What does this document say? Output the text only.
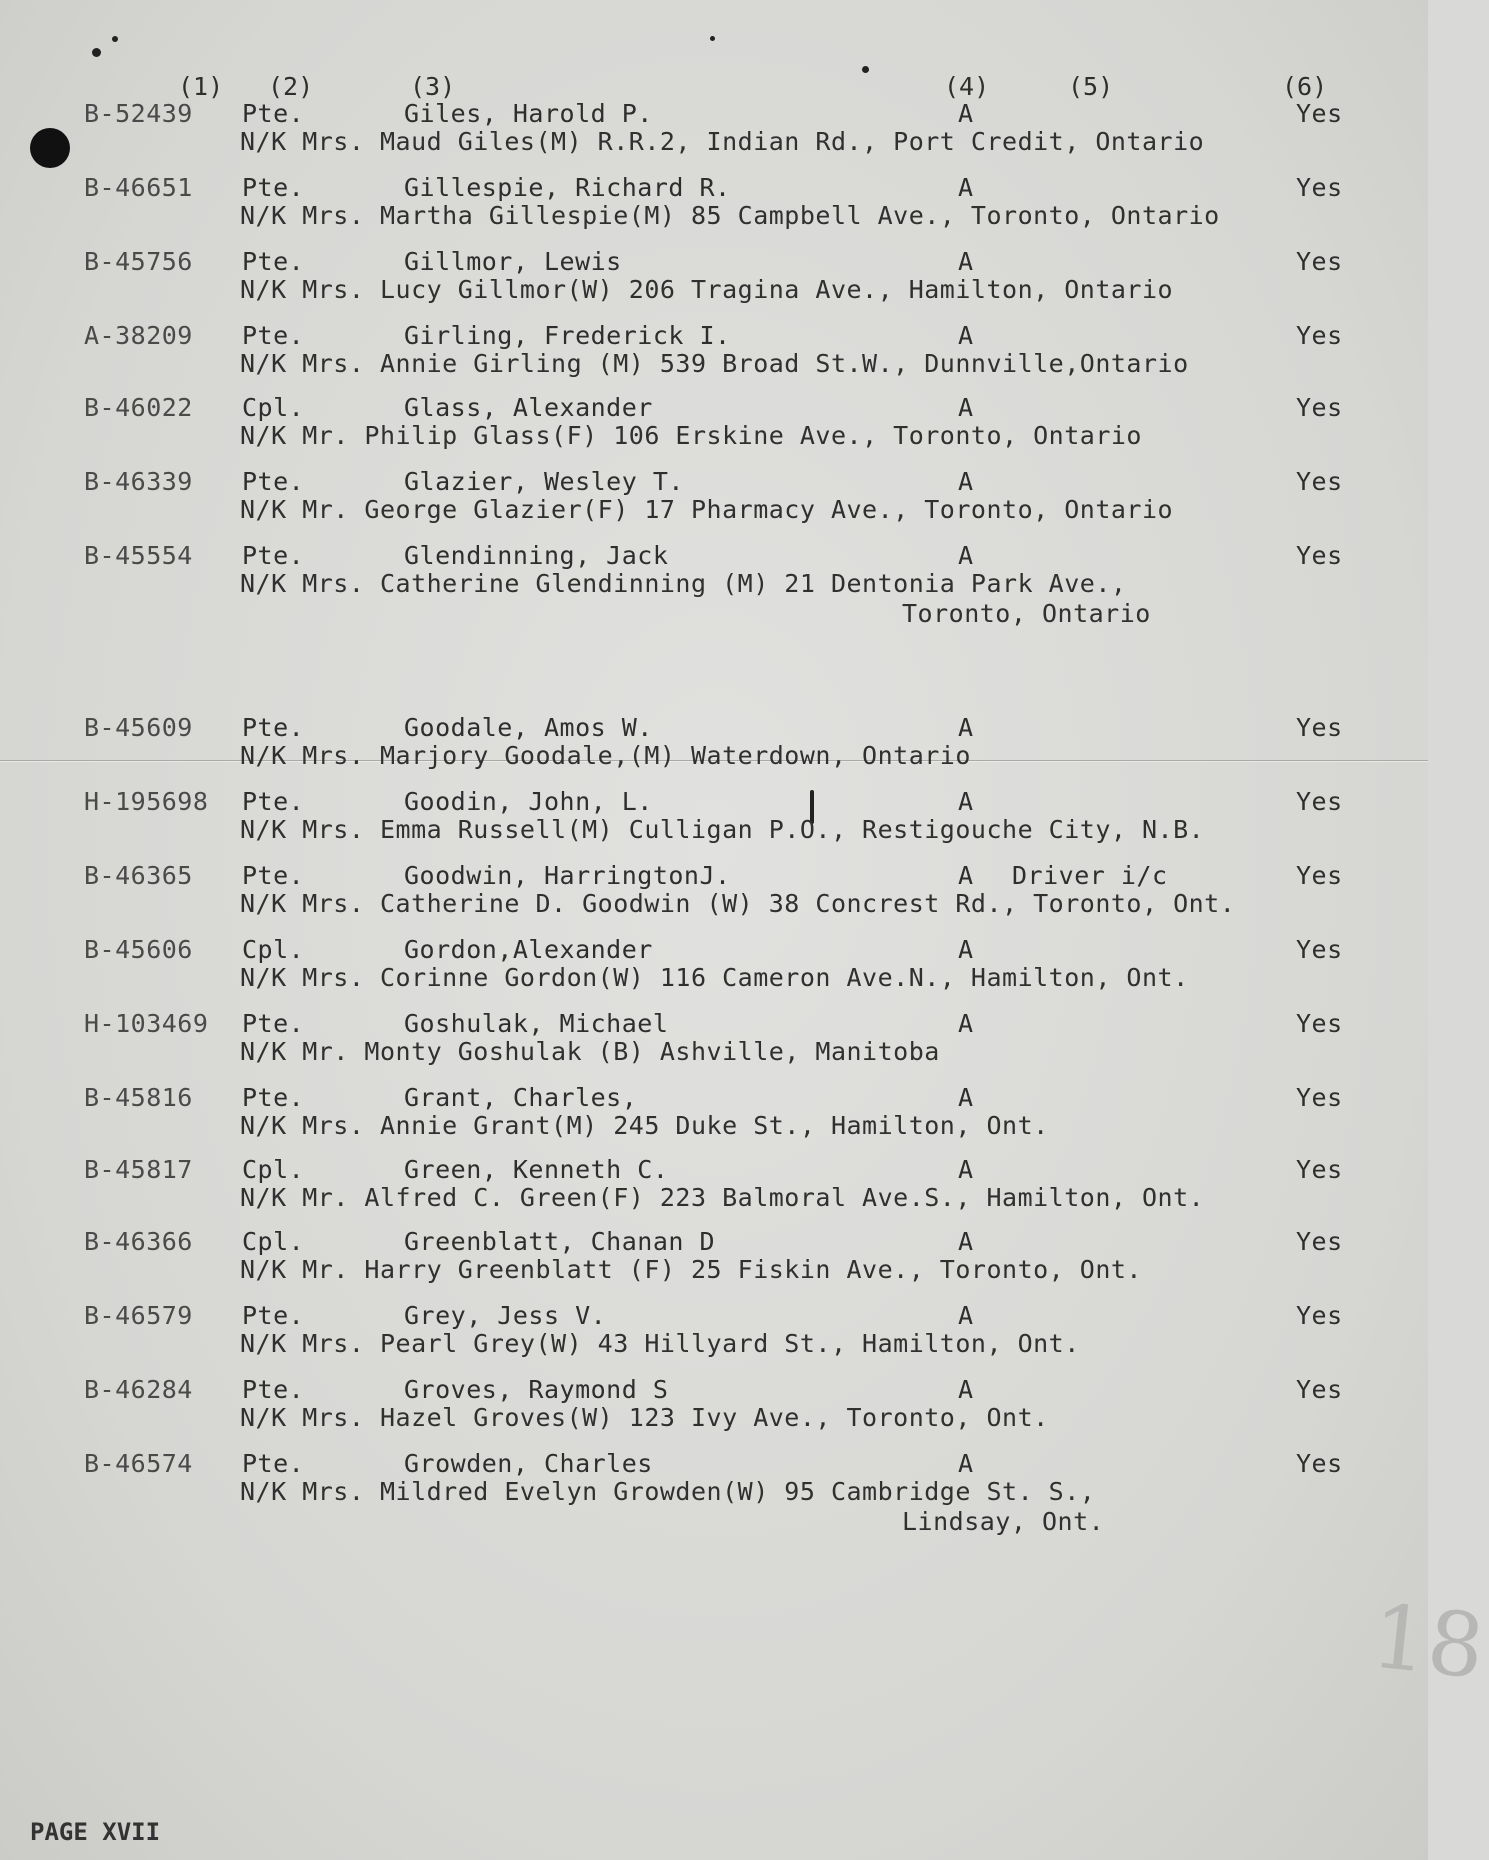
(1) (2)	(3)	(4)	(5)	(6)
B-52439 Pte.	Giles, Harold P.	A	Yes
N/K Mrs. Maud Giles(M) R.R.2, Indian Rd., Port Credit, Ontario
B-46651 Pte.	Gillespie, Richard R.	A	Yes
N/K Mrs. Martha Gillespie(M) 85 Campbell Ave., Toronto, Ontario
B-45756 Pte.	Gillmor, Lewis	A	Yes
N/K Mrs. Lucy Gillmor(W) 206 Tragina Ave., Hamilton, Ontario
A-38209 Pte.	Girling, Frederick I.	A	Yes
N/K Mrs. Annie Girling (M) 539 Broad St.W., Dunnville,Ontario
B-46022 Cpl.	Glass, Alexander	A	Yes
N/K Mr. Philip Glass(F) 106 Erskine Ave., Toronto, Ontario
B-46339 Pte.	Glazier, Wesley T.	A	Yes
N/K Mr. George Glazier(F) 17 Pharmacy Ave., Toronto, Ontario
B-45554 Pte.	Glendinning, Jack	A	Yes
N/K Mrs. Catherine Glendinning (M) 21 Dentonia Park Ave.,
Toronto, Ontario
B-45609 Pte.	Goodale, Amos W.	A	Yes
N/K Mrs. Marjory Goodale,(M) Waterdown, Ontario
H-195698 Pte.	Goodin, John, L.	A	Yes
N/K Mrs. Emma Russell(M) Culligan P.O., Restigouche City, N.B.
B-46365 Pte.	Goodwin, HarringtonJ.	A Driver i/c	Yes
N/K Mrs. Catherine D. Goodwin (W) 38 Concrest Rd., Toronto, Ont.
B-45606 Cpl.	Gordon,Alexander	A	Yes
N/K Mrs. Corinne Gordon(W) 116 Cameron Ave.N., Hamilton, Ont.
H-103469 Pte.	Goshulak, Michael	A	Yes
N/K Mr. Monty Goshulak (B) Ashville, Manitoba
B-45816 Pte.	Grant, Charles,	A	Yes
N/K Mrs. Annie Grant(M) 245 Duke St., Hamilton, Ont.
B-45817 Cpl.	Green, Kenneth C.	A	Yes
N/K Mr. Alfred C. Green(F) 223 Balmoral Ave.S., Hamilton, Ont.
B-46366 Cpl.	Greenblatt, Chanan D	A	Yes
N/K Mr. Harry Greenblatt (F) 25 Fiskin Ave., Toronto, Ont.
B-46579 Pte.	Grey, Jess V.	A	Yes
N/K Mrs. Pearl Grey(W) 43 Hillyard St., Hamilton, Ont.
B-46284 Pte.	Groves, Raymond S	A	Yes
N/K Mrs. Hazel Groves(W) 123 Ivy Ave., Toronto, Ont.
B-46574 Pte.	Growden, Charles	A	Yes
N/K Mrs. Mildred Evelyn Growden(W) 95 Cambridge St. S.,
Lindsay, Ont.
18
PAGE XVII
